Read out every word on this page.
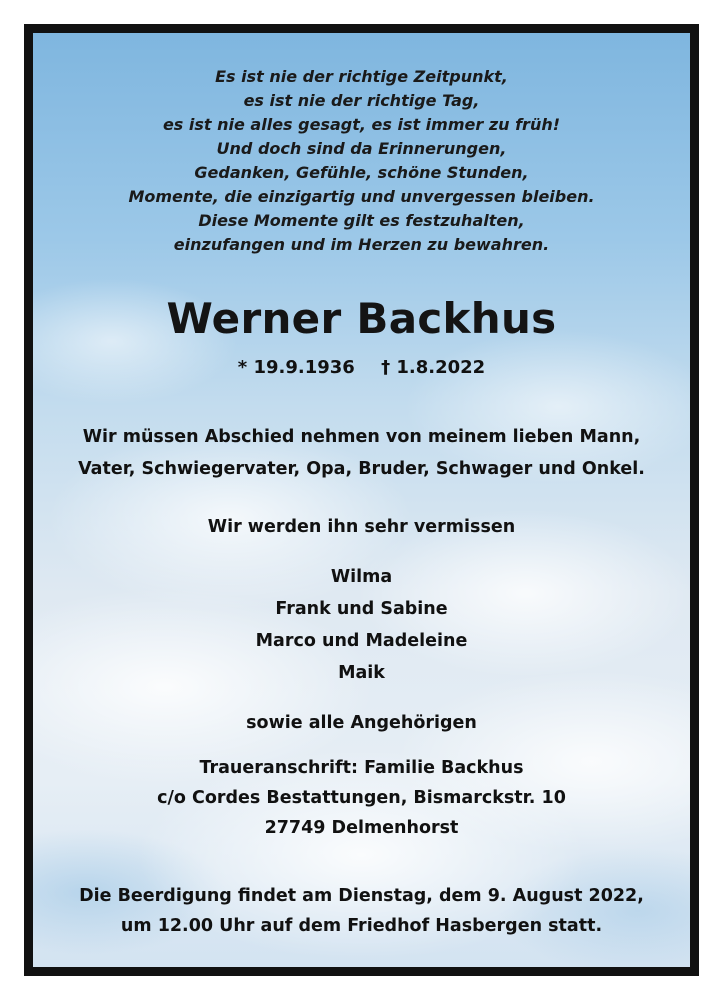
Es ist nie der richtige Zeitpunkt,
es ist nie der richtige Tag,
es ist nie alles gesagt, es ist immer zu früh!
Und doch sind da Erinnerungen,
Gedanken, Gefühle, schöne Stunden,
Momente, die einzigartig und unvergessen bleiben.
Diese Momente gilt es festzuhalten,
einzufangen und im Herzen zu bewahren.
Werner Backhus
* 19.9.1936 † 1.8.2022
Wir müssen Abschied nehmen von meinem lieben Mann,
Vater, Schwiegervater, Opa, Bruder, Schwager und Onkel.
Wir werden ihn sehr vermissen
Wilma
Frank und Sabine
Marco und Madeleine
Maik
sowie alle Angehörigen
Traueranschrift: Familie Backhus
c/o Cordes Bestattungen, Bismarckstr. 10
27749 Delmenhorst
Die Beerdigung findet am Dienstag, dem 9. August 2022,
um 12.00 Uhr auf dem Friedhof Hasbergen statt.
